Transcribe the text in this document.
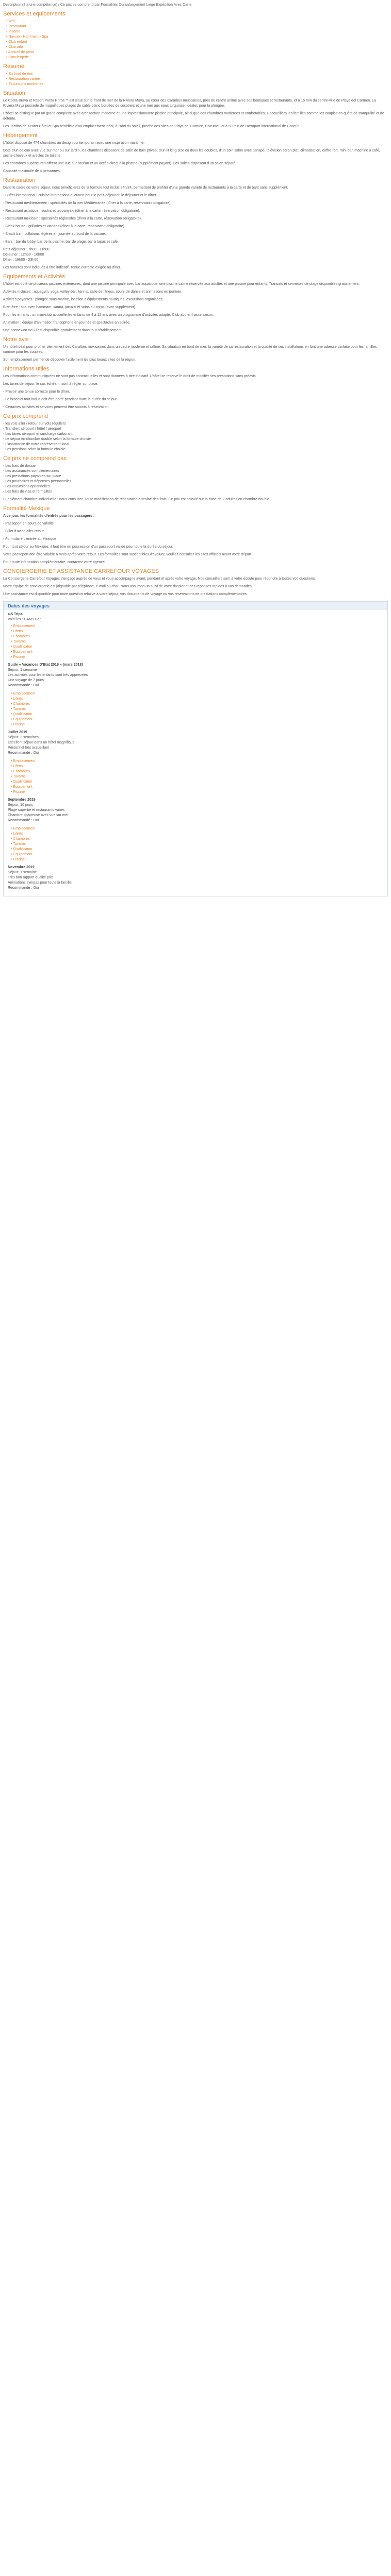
Description (2 a une compétence) / Ce prix se comprend par Formalités Consulargement Liegé Expédition Avec Carte
Services et equipements
• Wifi
• Restaurant
• Piscine
• Navine - Hammam - Spa
• Club enfant
• Club ado
• Accueil de paret
• Conciergerie
Résumé
• En bord de mer
• Restauration variée
• Excursions modernes
Situation

Le Costa Brava et Resort Punta Prima ** est situé sur le front de mer de la Riviera Maya, au cœur des Caraïbes mexicaines, près du centre animé avec ses boutiques et restaurants, et à 15 min du centre-ville de Playa del Carmen. La Riviera Maya possède de magnifiques plages de sable blanc bordées de cocotiers et une mer aux eaux turquoise, idéales pour la plongée.

L'hôtel se distingue par un grand complexe avec architecture moderne et une impressionnante piscine principale, ainsi que des chambres modernes et confortables. Il accueillera les familles comme les couples en quête de tranquillité et de détente.

Les Jardins de Xcaret Hôtel et Spa bénéficie d'un emplacement idéal, à l'abri du soleil, proche des sites de Playa del Carmen, Cozumel, et à 50 min de l'aéroport international de Cancún.

Hébergement

L'hôtel dispose de 474 chambres au design contemporain avec une inspiration maritime.

Doté d'un balcon avec vue sur mer ou sur jardin, les chambres disposent de salle de bain privée, d'un lit king size ou deux lits doubles, d'un coin salon avec canapé, télévision écran plat, climatisation, coffre-fort, mini-bar, machine à café, sèche-cheveux et articles de toilette.

Les chambres supérieures offrent une vue sur l'océan et un accès direct à la piscine (supplément payant). Les suites disposent d'un salon séparé.

Capacité maximale de 4 personnes.

Restauration

Dans le cadre de votre séjour, nous bénéficierez de la formule tout inclus 24h/24, permettant de profiter d'une grande variété de restaurants à la carte et de bars sans supplément.

- Buffet international : cuisine internationale, ouvert pour le petit-déjeuner, le déjeuner et le dîner.

- Restaurant méditerranéen : spécialités de la mer Méditerranée (dîner à la carte, réservation obligatoire).

- Restaurant asiatique : sushis et teppanyaki (dîner à la carte, réservation obligatoire).

- Restaurant mexicain : spécialités régionales (dîner à la carte, réservation obligatoire).

- Steak house : grillades et viandes (dîner à la carte, réservation obligatoire).

- Snack bar : collations légères en journée au bord de la piscine.

- Bars : bar du lobby, bar de la piscine, bar de plage, bar à tapas et café.

Petit déjeuner : 7h00 - 11h00
Déjeuner : 12h30 - 16h00
Dîner : 18h00 - 23h00

Les horaires sont indiqués à titre indicatif. Tenue correcte exigée au dîner.

Equipements et Activités

L'hôtel est doté de plusieurs piscines extérieures, dont une piscine principale avec bar aquatique, une piscine calme réservée aux adultes et une piscine pour enfants. Transats et serviettes de plage disponibles gratuitement.

Activités incluses : aquagym, yoga, volley-ball, tennis, salle de fitness, cours de danse et animations en journée.

Activités payantes : plongée sous-marine, location d'équipements nautiques, excursions organisées.

Bien-être : spa avec hammam, sauna, jacuzzi et soins du corps (avec supplément).

Pour les enfants : un mini-club accueille les enfants de 4 à 12 ans avec un programme d'activités adapté. Club ado en haute saison.

Animation : équipe d'animation francophone en journée et spectacles en soirée.

Une connexion Wi-Fi est disponible gratuitement dans tout l'établissement.

Notre avis

Un hôtel idéal pour profiter pleinement des Caraïbes mexicaines dans un cadre moderne et raffiné. Sa situation en bord de mer, la variété de sa restauration et la qualité de ses installations en font une adresse parfaite pour les familles comme pour les couples.

Son emplacement permet de découvrir facilement les plus beaux sites de la région.

Informations utiles

Les informations communiquées ne sont pas contractuelles et sont données à titre indicatif. L'hôtel se réserve le droit de modifier ses prestations sans préavis.

Les taxes de séjour, le cas échéant, sont à régler sur place.

- Prévoir une tenue correcte pour le dîner.

- Le bracelet tout inclus doit être porté pendant toute la durée du séjour.

- Certaines activités et services peuvent être soumis à réservation.

Ce prix comprend
- les vols aller / retour sur vols réguliers
- Transfert aéroport / hôtel / aéroport
- Les taxes aéroport et surcharge carburant
- Le séjour en chambre double selon la formule choisie
- L'assistance de notre représentant local
- Les pensions selon la formule choisie
Ce prix ne comprend pas
- Les frais de dossier
- Les assurances complémentaires
- Les prestations payantes sur place
- Les pourboires et dépenses personnelles
- Les excursions optionnelles
- Les frais de visa et formalités

Supplément chambre individuelle : nous consulter. Toute modification de réservation entraîne des frais. Ce prix est calculé sur la base de 2 adultes en chambre double.

Formalité Mexique

A ce jour, les formalités d'entrée pour les passagers :

- Passeport en cours de validité

- Billet d'avion aller-retour

- Formulaire d'entrée au Mexique

Pour tout séjour au Mexique, il faut être en possession d'un passeport valide pour toute la durée du séjour.

Votre passeport doit être valable 6 mois après votre retour. Les formalités sont susceptibles d'évoluer, veuillez consulter les sites officiels avant votre départ.

Pour toute information complémentaire, contactez votre agence.

CONCIERGERIE ET ASSISTANCE CARREFOUR VOYAGES

La Conciergerie Carrefour Voyages s'engage auprès de vous et vous accompagne avant, pendant et après votre voyage. Nos conseillers sont à votre écoute pour répondre à toutes vos questions.

Notre équipe de conciergerie est joignable par téléphone, e-mail ou chat. Nous assurons un suivi de votre dossier et des réponses rapides à vos demandes.

Une assistance est disponible pour toute question relative à votre séjour, vos documents de voyage ou vos réservations de prestations complémentaires.

Dates des voyages
4-5 Trips
Voici les : DAM9 Bdrj
• Emplacement
• Liferts
• Chambres
• Tavarns
• Qualificaton
• Équipement
• Piscine
Guide « Vacances D'Etat 2019 » (mars 2018)
Séjour: 1 semaine
Les activités pour les enfants sont très appréciées
Une voyage de 7 jours
Recommandé : Oui
• Emplacement
• Liferts
• Chambres
• Tavarns
• Qualificaton
• Équipement
• Piscine
Juillet 2019
Séjour: 2 semaines
Excellent séjour dans un hôtel magnifique
Personnel très accueillant
Recommandé : Oui
• Emplacement
• Liferts
• Chambres
• Tavarns
• Qualificaton
• Équipement
• Piscine
Septembre 2019
Séjour: 10 jours
Plage superbe et restaurants variés
Chambre spacieuse avec vue sur mer
Recommandé : Oui
• Emplacement
• Liferts
• Chambres
• Tavarns
• Qualificaton
• Équipement
• Piscine
Novembre 2019
Séjour: 1 semaine
Très bon rapport qualité prix
Animations sympas pour toute la famille
Recommandé : Oui
